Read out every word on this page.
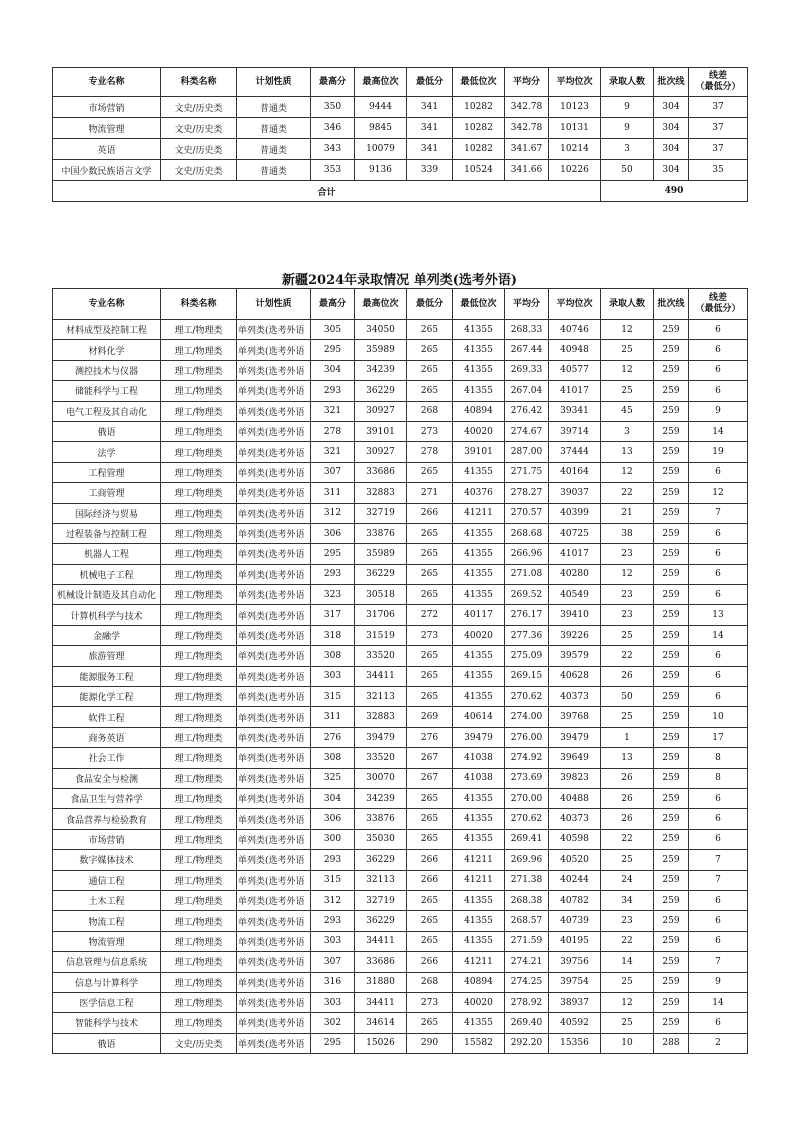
专业名称	科类名称	计划性质	最高分	最高位次	最低分	最低位次	平均分	平均位次	录取人数	批次线	线差
（最低分）
市场营销	文史/历史类	普通类	350	9444	341	10282	342.78	10123	9	304	37
物流管理	文史/历史类	普通类	346	9845	341	10282	342.78	10131	9	304	37
英语	文史/历史类	普通类	343	10079	341	10282	341.67	10214	3	304	37
中国少数民族语言文学	文史/历史类	普通类	353	9136	339	10524	341.66	10226	50	304	35
合计									490		
新疆2024年录取情况 单列类(选考外语)
专业名称	科类名称	计划性质	最高分	最高位次	最低分	最低位次	平均分	平均位次	录取人数	批次线	线差
（最低分）
材料成型及控制工程	理工/物理类	单列类(选考外语	305	34050	265	41355	268.33	40746	12	259	6
材料化学	理工/物理类	单列类(选考外语	295	35989	265	41355	267.44	40948	25	259	6
测控技术与仪器	理工/物理类	单列类(选考外语	304	34239	265	41355	269.33	40577	12	259	6
储能科学与工程	理工/物理类	单列类(选考外语	293	36229	265	41355	267.04	41017	25	259	6
电气工程及其自动化	理工/物理类	单列类(选考外语	321	30927	268	40894	276.42	39341	45	259	9
俄语	理工/物理类	单列类(选考外语	278	39101	273	40020	274.67	39714	3	259	14
法学	理工/物理类	单列类(选考外语	321	30927	278	39101	287.00	37444	13	259	19
工程管理	理工/物理类	单列类(选考外语	307	33686	265	41355	271.75	40164	12	259	6
工商管理	理工/物理类	单列类(选考外语	311	32883	271	40376	278.27	39037	22	259	12
国际经济与贸易	理工/物理类	单列类(选考外语	312	32719	266	41211	270.57	40399	21	259	7
过程装备与控制工程	理工/物理类	单列类(选考外语	306	33876	265	41355	268.68	40725	38	259	6
机器人工程	理工/物理类	单列类(选考外语	295	35989	265	41355	266.96	41017	23	259	6
机械电子工程	理工/物理类	单列类(选考外语	293	36229	265	41355	271.08	40280	12	259	6
机械设计制造及其自动化	理工/物理类	单列类(选考外语	323	30518	265	41355	269.52	40549	23	259	6
计算机科学与技术	理工/物理类	单列类(选考外语	317	31706	272	40117	276.17	39410	23	259	13
金融学	理工/物理类	单列类(选考外语	318	31519	273	40020	277.36	39226	25	259	14
旅游管理	理工/物理类	单列类(选考外语	308	33520	265	41355	275.09	39579	22	259	6
能源服务工程	理工/物理类	单列类(选考外语	303	34411	265	41355	269.15	40628	26	259	6
能源化学工程	理工/物理类	单列类(选考外语	315	32113	265	41355	270.62	40373	50	259	6
软件工程	理工/物理类	单列类(选考外语	311	32883	269	40614	274.00	39768	25	259	10
商务英语	理工/物理类	单列类(选考外语	276	39479	276	39479	276.00	39479	1	259	17
社会工作	理工/物理类	单列类(选考外语	308	33520	267	41038	274.92	39649	13	259	8
食品安全与检测	理工/物理类	单列类(选考外语	325	30070	267	41038	273.69	39823	26	259	8
食品卫生与营养学	理工/物理类	单列类(选考外语	304	34239	265	41355	270.00	40488	26	259	6
食品营养与检验教育	理工/物理类	单列类(选考外语	306	33876	265	41355	270.62	40373	26	259	6
市场营销	理工/物理类	单列类(选考外语	300	35030	265	41355	269.41	40598	22	259	6
数字媒体技术	理工/物理类	单列类(选考外语	293	36229	266	41211	269.96	40520	25	259	7
通信工程	理工/物理类	单列类(选考外语	315	32113	266	41211	271.38	40244	24	259	7
土木工程	理工/物理类	单列类(选考外语	312	32719	265	41355	268.38	40782	34	259	6
物流工程	理工/物理类	单列类(选考外语	293	36229	265	41355	268.57	40739	23	259	6
物流管理	理工/物理类	单列类(选考外语	303	34411	265	41355	271.59	40195	22	259	6
信息管理与信息系统	理工/物理类	单列类(选考外语	307	33686	266	41211	274.21	39756	14	259	7
信息与计算科学	理工/物理类	单列类(选考外语	316	31880	268	40894	274.25	39754	25	259	9
医学信息工程	理工/物理类	单列类(选考外语	303	34411	273	40020	278.92	38937	12	259	14
智能科学与技术	理工/物理类	单列类(选考外语	302	34614	265	41355	269.40	40592	25	259	6
俄语	文史/历史类	单列类(选考外语	295	15026	290	15582	292.20	15356	10	288	2
